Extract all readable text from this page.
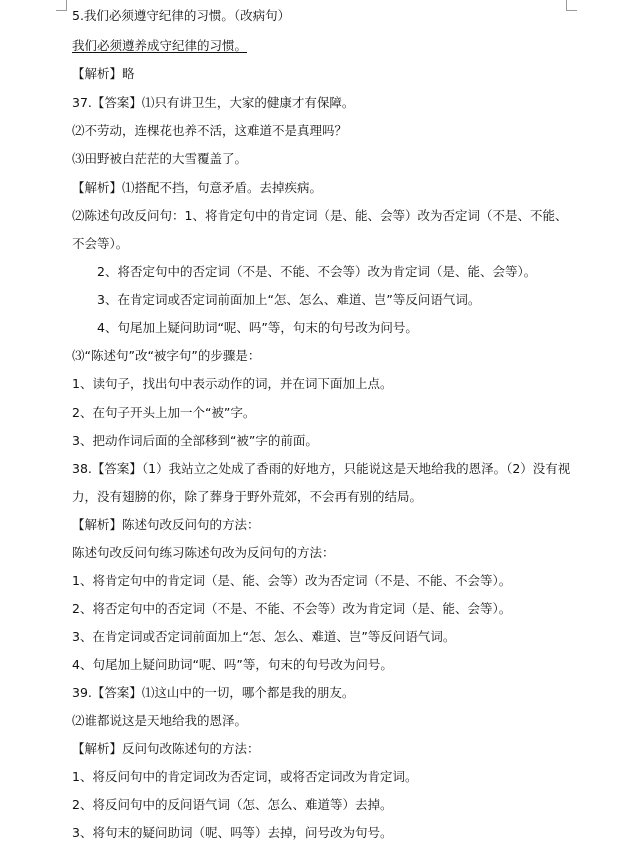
5.我们必须遵守纪律的习惯。（改病句）
我们必须遵养成守纪律的习惯。
【解析】略
37.【答案】⑴只有讲卫生，大家的健康才有保障。
⑵不劳动，连棵花也养不活，这难道不是真理吗？
⑶田野被白茫茫的大雪覆盖了。
【解析】⑴搭配不挡，句意矛盾。去掉疾病。
⑵陈述句改反问句：1、将肯定句中的肯定词（是、能、会等）改为否定词（不是、不能、
不会等）。
2、将否定句中的否定词（不是、不能、不会等）改为肯定词（是、能、会等）。
3、在肯定词或否定词前面加上“怎、怎么、难道、岂”等反问语气词。
4、句尾加上疑问助词“呢、吗”等，句末的句号改为问号。
⑶“陈述句”改“被字句”的步骤是：
1、读句子，找出句中表示动作的词，并在词下面加上点。
2、在句子开头上加一个“被”字。
3、把动作词后面的全部移到“被”字的前面。
38.【答案】（1）我站立之处成了香雨的好地方，只能说这是天地给我的恩泽。（2）没有视
力，没有翅膀的你，除了葬身于野外荒郊，不会再有别的结局。
【解析】陈述句改反问句的方法：
陈述句改反问句练习陈述句改为反问句的方法：
1、将肯定句中的肯定词（是、能、会等）改为否定词（不是、不能、不会等）。
2、将否定句中的否定词（不是、不能、不会等）改为肯定词（是、能、会等）。
3、在肯定词或否定词前面加上“怎、怎么、难道、岂”等反问语气词。
4、句尾加上疑问助词“呢、吗”等，句末的句号改为问号。
39.【答案】⑴这山中的一切，哪个都是我的朋友。
⑵谁都说这是天地给我的恩泽。
【解析】反问句改陈述句的方法：
1、将反问句中的肯定词改为否定词，或将否定词改为肯定词。
2、将反问句中的反问语气词（怎、怎么、难道等）去掉。
3、将句末的疑问助词（呢、吗等）去掉，问号改为句号。
